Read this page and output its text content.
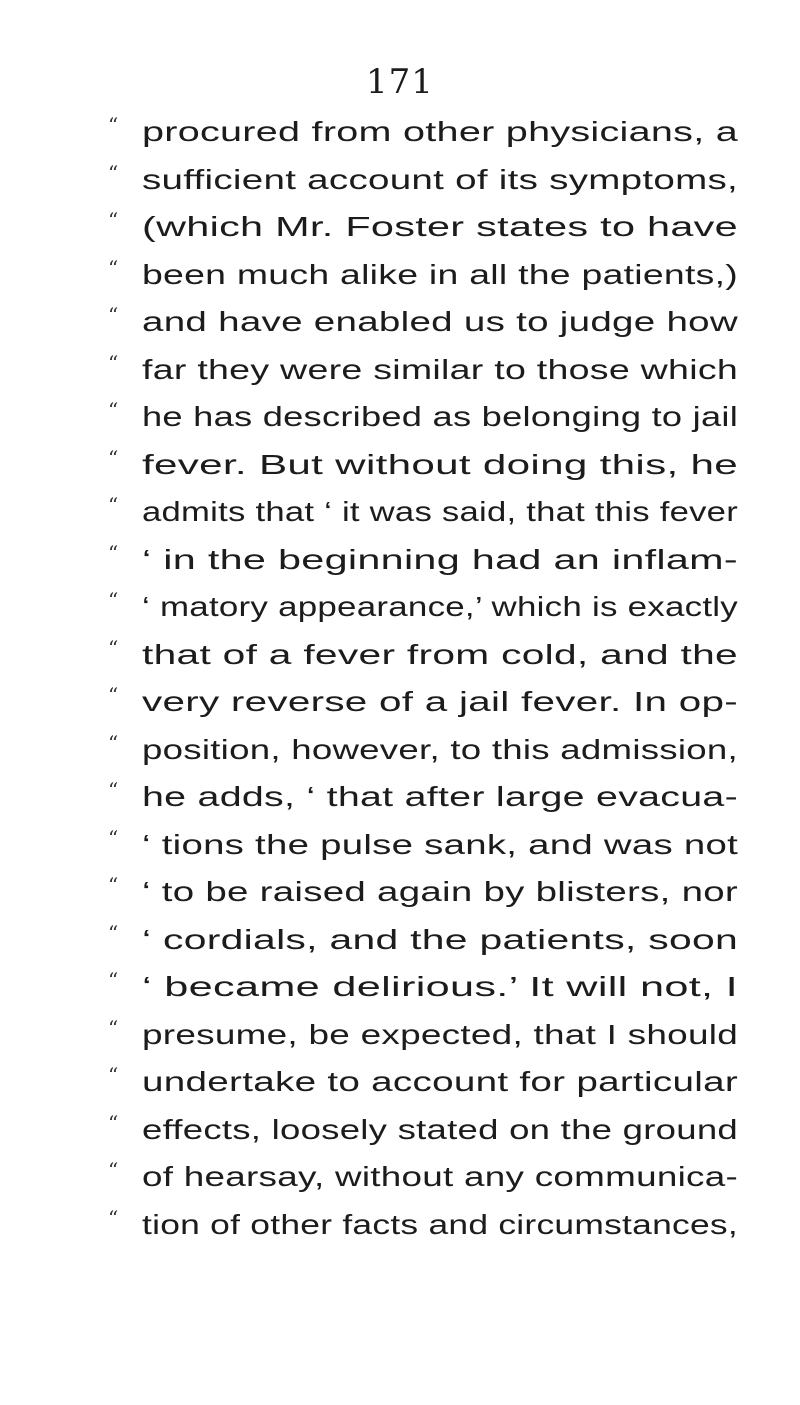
171
“ procured from other physicians, a
“ sufficient account of its symptoms,
“ (which Mr. Foster states to have
“ been much alike in all the patients,)
“ and have enabled us to judge how
“ far they were similar to those which
“ he has described as belonging to jail
“ fever. But without doing this, he
“ admits that ‘ it was said, that this fever
“ ‘ in the beginning had an inflam-
“ ‘ matory appearance,’ which is exactly
“ that of a fever from cold, and the
“ very reverse of a jail fever. In op-
“ position, however, to this admission,
“ he adds, ‘ that after large evacua-
“ ‘ tions the pulse sank, and was not
“ ‘ to be raised again by blisters, nor
“ ‘ cordials, and the patients, soon
“ ‘ became delirious.’ It will not, I
“ presume, be expected, that I should
“ undertake to account for particular
“ effects, loosely stated on the ground
“ of hearsay, without any communica-
“ tion of other facts and circumstances,
